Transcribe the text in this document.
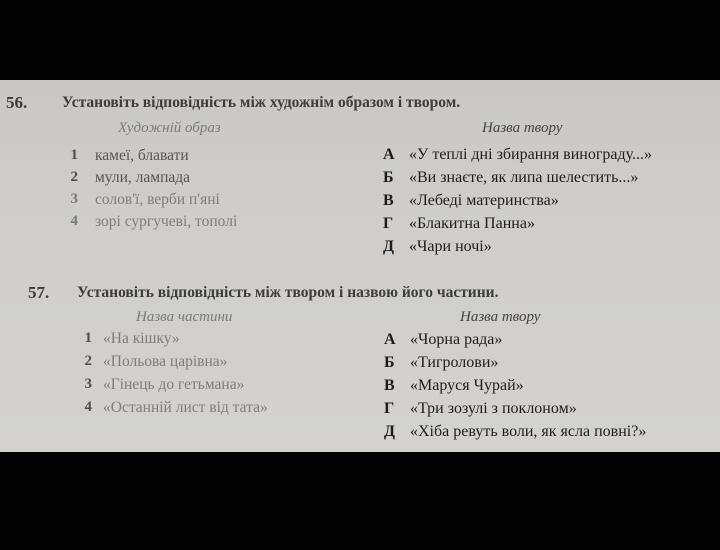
56. Установіть відповідність між художнім образом і твором.
Художній образ	Назва твору
1 камеї, блавати
2 мули, лампада
3 солов'ї, верби п'яні
4 зорі сургучеві, тополі
А «У теплі дні збирання винограду...»
Б «Ви знаєте, як липа шелестить...»
В «Лебеді материнства»
Г «Блакитна Панна»
Д «Чари ночі»
57. Установіть відповідність між твором і назвою його частини.
Назва частини	Назва твору
1 «На кішку»
2 «Польова царівна»
3 «Гінець до гетьмана»
4 «Останній лист від тата»
А «Чорна рада»
Б «Тигролови»
В «Маруся Чурай»
Г «Три зозулі з поклоном»
Д «Хіба ревуть воли, як ясла повні?»
